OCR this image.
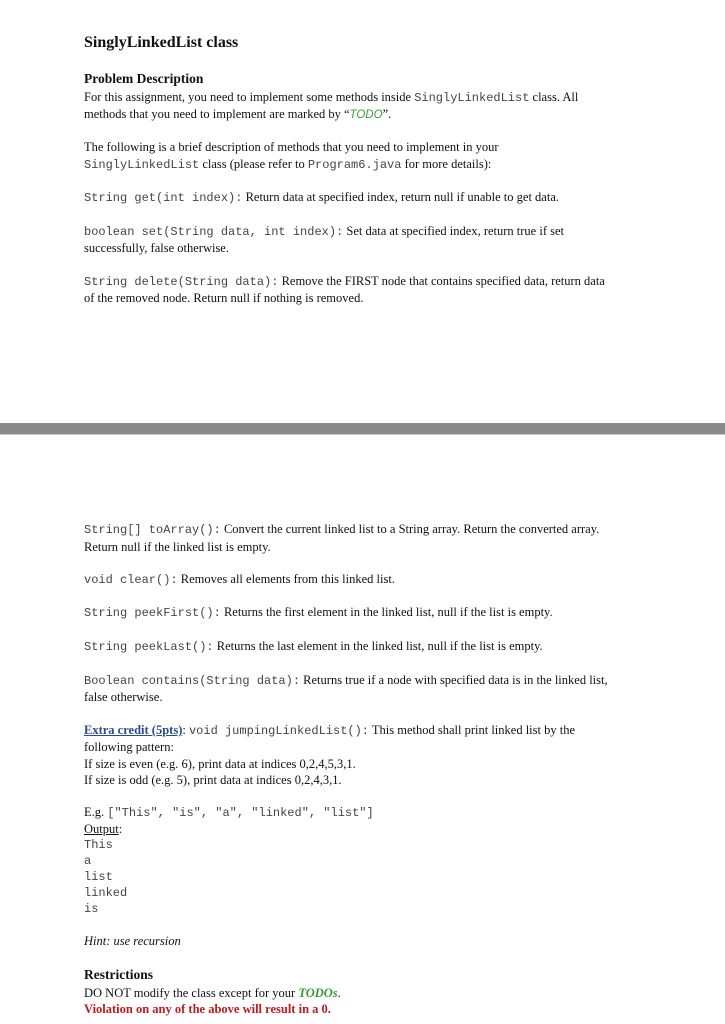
SinglyLinkedList class
Problem Description
For this assignment, you need to implement some methods inside SinglyLinkedList class. All
methods that you need to implement are marked by “TODO”.
The following is a brief description of methods that you need to implement in your
SinglyLinkedList class (please refer to Program6.java for more details):
String get(int index): Return data at specified index, return null if unable to get data.
boolean set(String data, int index): Set data at specified index, return true if set
successfully, false otherwise.
String delete(String data): Remove the FIRST node that contains specified data, return data
of the removed node. Return null if nothing is removed.
String[] toArray(): Convert the current linked list to a String array. Return the converted array.
Return null if the linked list is empty.
void clear(): Removes all elements from this linked list.
String peekFirst(): Returns the first element in the linked list, null if the list is empty.
String peekLast(): Returns the last element in the linked list, null if the list is empty.
Boolean contains(String data): Returns true if a node with specified data is in the linked list,
false otherwise.
Extra credit (5pts): void jumpingLinkedList(): This method shall print linked list by the
following pattern:
If size is even (e.g. 6), print data at indices 0,2,4,5,3,1.
If size is odd (e.g. 5), print data at indices 0,2,4,3,1.
E.g. ["This", "is", "a", "linked", "list"]
Output:
This
a
list
linked
is
Hint: use recursion
Restrictions
DO NOT modify the class except for your TODOs.
Violation on any of the above will result in a 0.
